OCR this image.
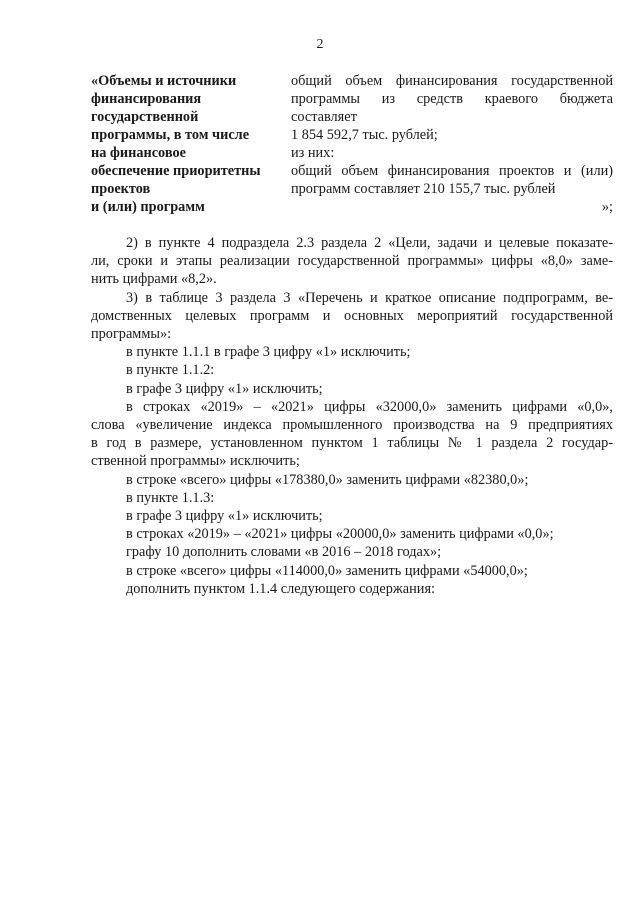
2
«Объемы и источники
финансирования
государственной
программы, в том числе
на финансовое
обеспечение приоритетны
проектов
и (или) программ
общий объем финансирования государственной
программы из средств краевого бюджета
составляет
1 854 592,7 тыс. рублей;
из них:
общий объем финансирования проектов и (или)
программ составляет 210 155,7 тыс. рублей
»;
2) в пункте 4 подраздела 2.3 раздела 2 «Цели, задачи и целевые показате-
ли, сроки и этапы реализации государственной программы» цифры «8,0» заме-
нить цифрами «8,2».
3) в таблице 3 раздела 3 «Перечень и краткое описание подпрограмм, ве-
домственных целевых программ и основных мероприятий государственной
программы»:
в пункте 1.1.1 в графе 3 цифру «1» исключить;
в пункте 1.1.2:
в графе 3 цифру «1» исключить;
в строках «2019» – «2021» цифры «32000,0» заменить цифрами «0,0»,
слова «увеличение индекса промышленного производства на 9 предприятиях
в год в размере, установленном пунктом 1 таблицы № 1 раздела 2 государ-
ственной программы» исключить;
в строке «всего» цифры «178380,0» заменить цифрами «82380,0»;
в пункте 1.1.3:
в графе 3 цифру «1» исключить;
в строках «2019» – «2021» цифры «20000,0» заменить цифрами «0,0»;
графу 10 дополнить словами «в 2016 – 2018 годах»;
в строке «всего» цифры «114000,0» заменить цифрами «54000,0»;
дополнить пунктом 1.1.4 следующего содержания:
